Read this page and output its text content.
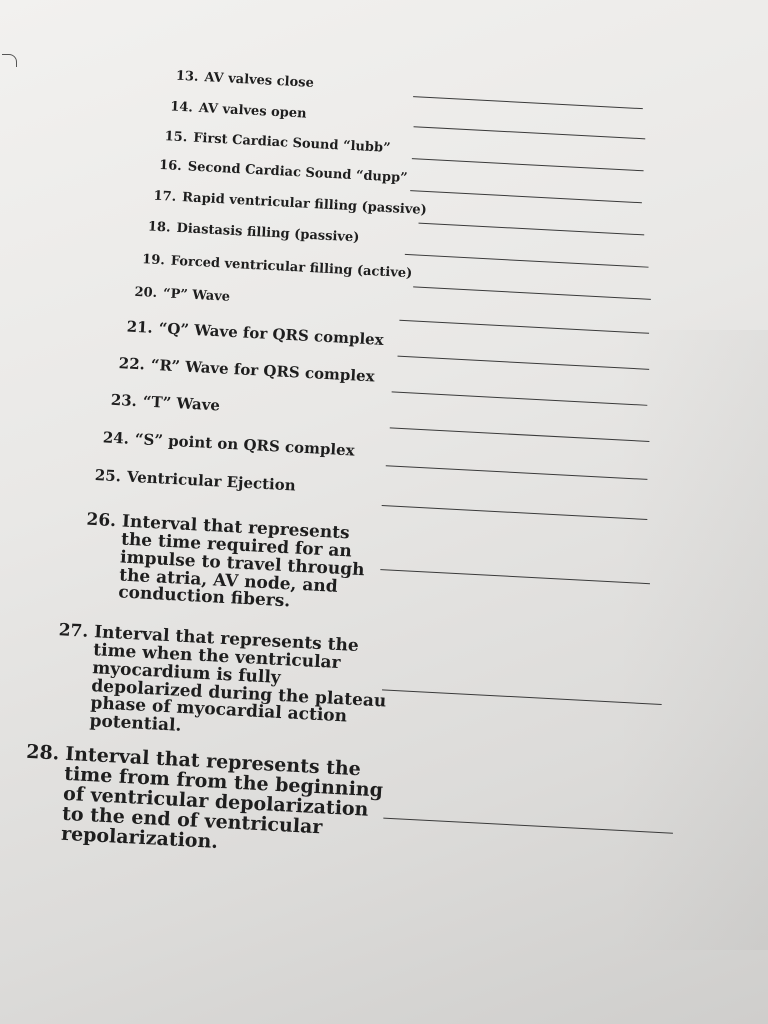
13. AV valves close
14. AV valves open
15. First Cardiac Sound “lubb”
16. Second Cardiac Sound “dupp”
17. Rapid ventricular filling (passive)
18. Diastasis filling (passive)
19. Forced ventricular filling (active)
20. “P” Wave
21. “Q” Wave for QRS complex
22. “R” Wave for QRS complex
23. “T” Wave
24. “S” point on QRS complex
25. Ventricular Ejection
26. Interval that represents the time required for an impulse to travel through the atria, AV node, and conduction fibers.
27. Interval that represents the time when the ventricular myocardium is fully depolarized during the plateau phase of myocardial action potential.
28. Interval that represents the time from from the beginning of ventricular depolarization to the end of ventricular repolarization.
